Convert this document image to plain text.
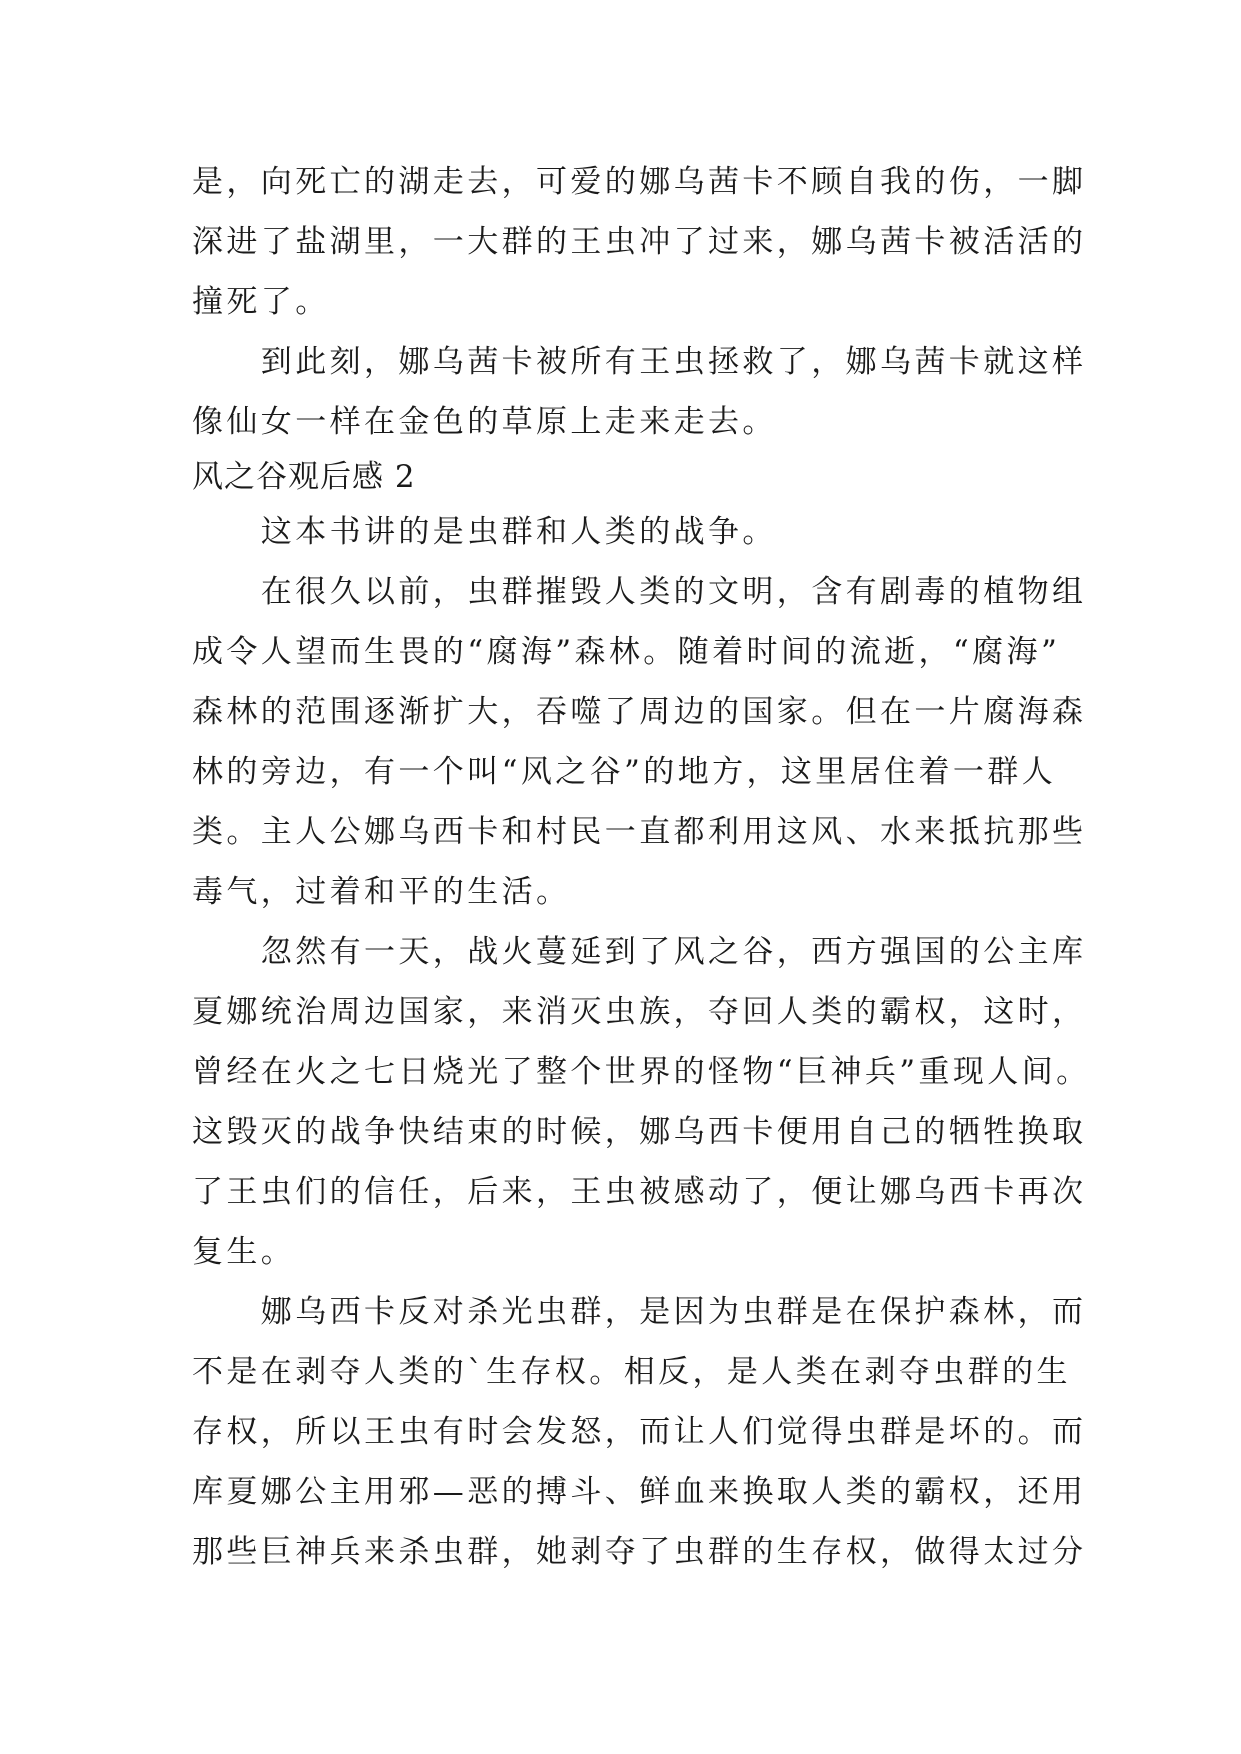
是，向死亡的湖走去，可爱的娜乌茜卡不顾自我的伤，一脚
深进了盐湖里，一大群的王虫冲了过来，娜乌茜卡被活活的
撞死了。
　　到此刻，娜乌茜卡被所有王虫拯救了，娜乌茜卡就这样
像仙女一样在金色的草原上走来走去。
风之谷观后感 2
　　这本书讲的是虫群和人类的战争。
　　在很久以前，虫群摧毁人类的文明，含有剧毒的植物组
成令人望而生畏的“腐海”森林。随着时间的流逝，“腐海”
森林的范围逐渐扩大，吞噬了周边的国家。但在一片腐海森
林的旁边，有一个叫“风之谷”的地方，这里居住着一群人
类。主人公娜乌西卡和村民一直都利用这风、水来抵抗那些
毒气，过着和平的生活。
　　忽然有一天，战火蔓延到了风之谷，西方强国的公主库
夏娜统治周边国家，来消灭虫族，夺回人类的霸权，这时，
曾经在火之七日烧光了整个世界的怪物“巨神兵”重现人间。
这毁灭的战争快结束的时候，娜乌西卡便用自己的牺牲换取
了王虫们的信任，后来，王虫被感动了，便让娜乌西卡再次
复生。
　　娜乌西卡反对杀光虫群，是因为虫群是在保护森林，而
不是在剥夺人类的`生存权。相反，是人类在剥夺虫群的生
存权，所以王虫有时会发怒，而让人们觉得虫群是坏的。而
库夏娜公主用邪—恶的搏斗、鲜血来换取人类的霸权，还用
那些巨神兵来杀虫群，她剥夺了虫群的生存权，做得太过分
